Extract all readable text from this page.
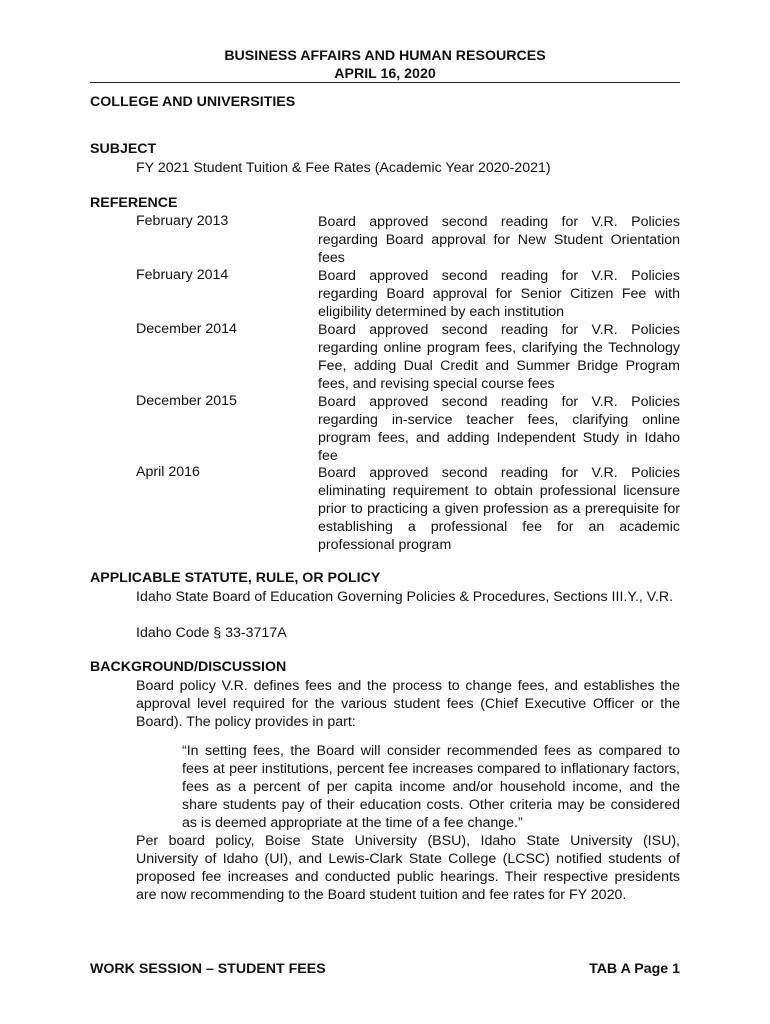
BUSINESS AFFAIRS AND HUMAN RESOURCES
APRIL 16, 2020
COLLEGE AND UNIVERSITIES
SUBJECT
FY 2021 Student Tuition & Fee Rates (Academic Year 2020-2021)
REFERENCE
February 2013	Board approved second reading for V.R. Policies regarding Board approval for New Student Orientation fees
February 2014	Board approved second reading for V.R. Policies regarding Board approval for Senior Citizen Fee with eligibility determined by each institution
December 2014	Board approved second reading for V.R. Policies regarding online program fees, clarifying the Technology Fee, adding Dual Credit and Summer Bridge Program fees, and revising special course fees
December 2015	Board approved second reading for V.R. Policies regarding in-service teacher fees, clarifying online program fees, and adding Independent Study in Idaho fee
April 2016	Board approved second reading for V.R. Policies eliminating requirement to obtain professional licensure prior to practicing a given profession as a prerequisite for establishing a professional fee for an academic professional program
APPLICABLE STATUTE, RULE, OR POLICY
Idaho State Board of Education Governing Policies & Procedures, Sections III.Y., V.R.
Idaho Code § 33-3717A
BACKGROUND/DISCUSSION
Board policy V.R. defines fees and the process to change fees, and establishes the approval level required for the various student fees (Chief Executive Officer or the Board). The policy provides in part:
“In setting fees, the Board will consider recommended fees as compared to fees at peer institutions, percent fee increases compared to inflationary factors, fees as a percent of per capita income and/or household income, and the share students pay of their education costs. Other criteria may be considered as is deemed appropriate at the time of a fee change.”
Per board policy, Boise State University (BSU), Idaho State University (ISU), University of Idaho (UI), and Lewis-Clark State College (LCSC) notified students of proposed fee increases and conducted public hearings. Their respective presidents are now recommending to the Board student tuition and fee rates for FY 2020.
WORK SESSION – STUDENT FEES	TAB A Page 1
